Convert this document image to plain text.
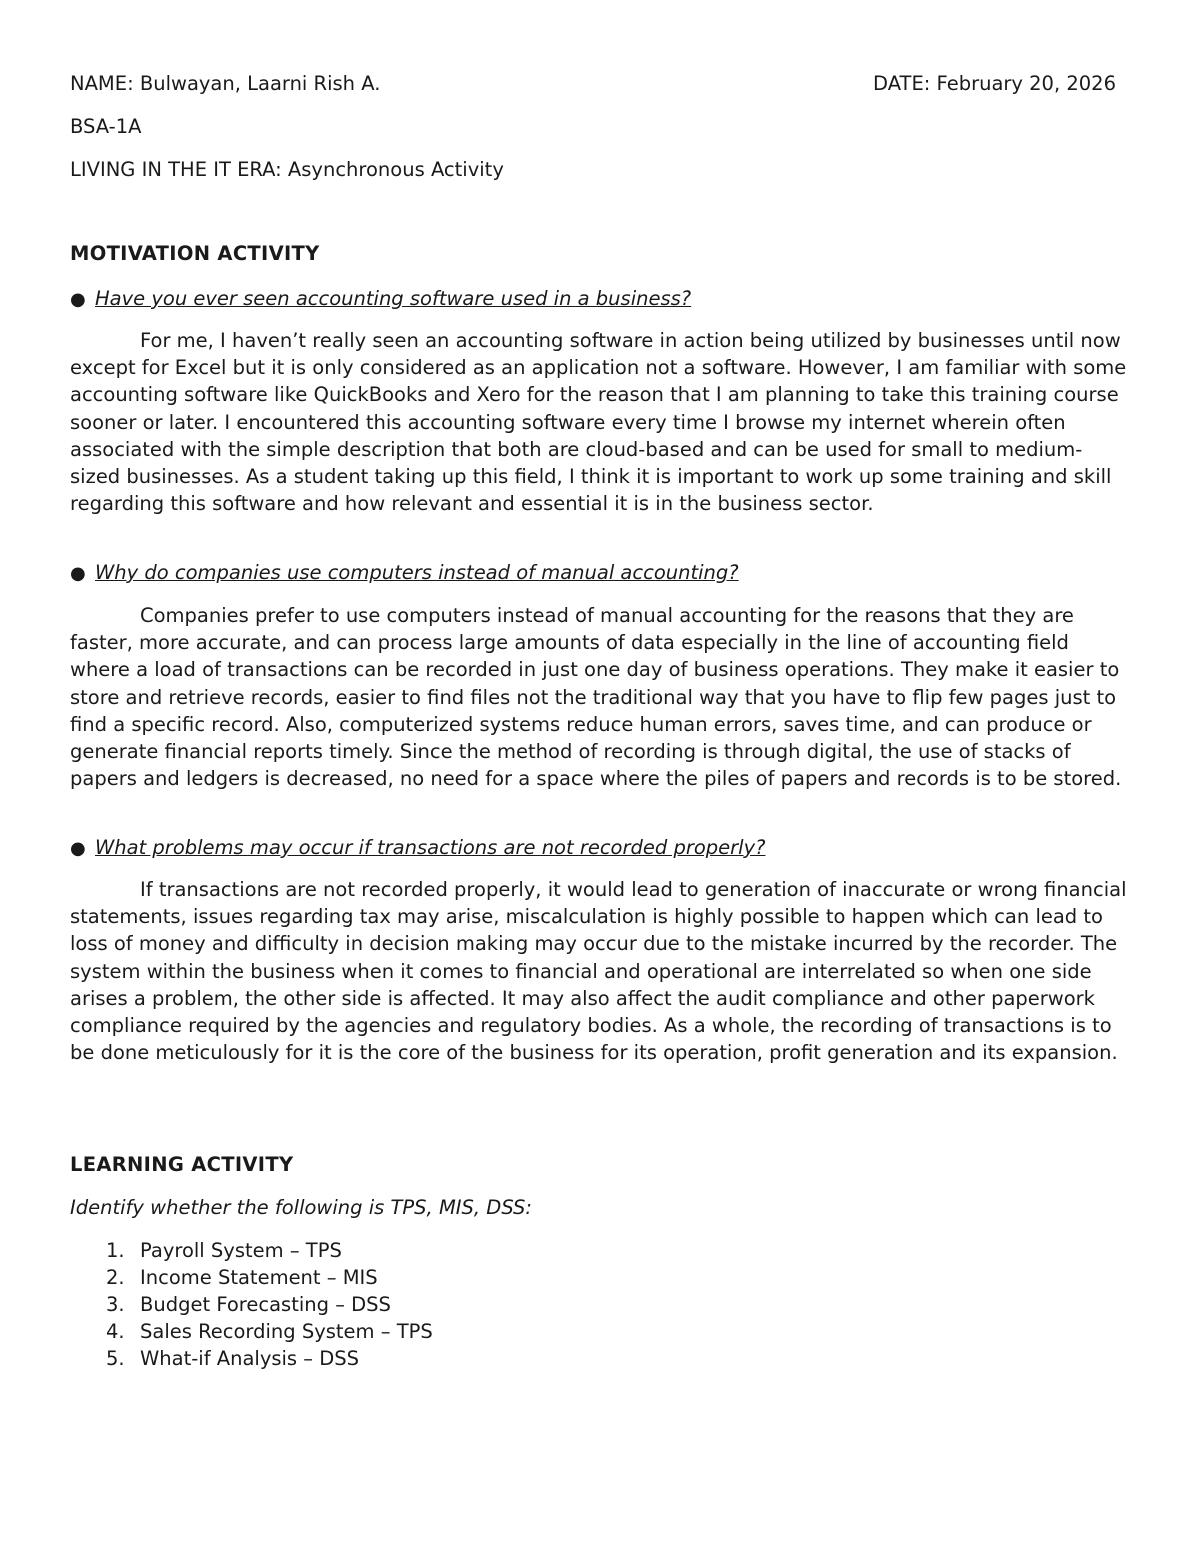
NAME: Bulwayan, Laarni Rish A.	DATE: February 20, 2026
BSA-1A
LIVING IN THE IT ERA: Asynchronous Activity
MOTIVATION ACTIVITY
● Have you ever seen accounting software used in a business?

For me, I haven’t really seen an accounting software in action being utilized by businesses until now except for Excel but it is only considered as an application not a software. However, I am familiar with some accounting software like QuickBooks and Xero for the reason that I am planning to take this training course sooner or later. I encountered this accounting software every time I browse my internet wherein often associated with the simple description that both are cloud-based and can be used for small to medium-sized businesses. As a student taking up this field, I think it is important to work up some training and skill regarding this software and how relevant and essential it is in the business sector.

● Why do companies use computers instead of manual accounting?

Companies prefer to use computers instead of manual accounting for the reasons that they are faster, more accurate, and can process large amounts of data especially in the line of accounting field where a load of transactions can be recorded in just one day of business operations. They make it easier to store and retrieve records, easier to find files not the traditional way that you have to flip few pages just to find a specific record. Also, computerized systems reduce human errors, saves time, and can produce or generate financial reports timely. Since the method of recording is through digital, the use of stacks of papers and ledgers is decreased, no need for a space where the piles of papers and records is to be stored.

● What problems may occur if transactions are not recorded properly?

If transactions are not recorded properly, it would lead to generation of inaccurate or wrong financial statements, issues regarding tax may arise, miscalculation is highly possible to happen which can lead to loss of money and difficulty in decision making may occur due to the mistake incurred by the recorder. The system within the business when it comes to financial and operational are interrelated so when one side arises a problem, the other side is affected. It may also affect the audit compliance and other paperwork compliance required by the agencies and regulatory bodies. As a whole, the recording of transactions is to be done meticulously for it is the core of the business for its operation, profit generation and its expansion.

LEARNING ACTIVITY
Identify whether the following is TPS, MIS, DSS:
1. Payroll System – TPS
2. Income Statement – MIS
3. Budget Forecasting – DSS
4. Sales Recording System – TPS
5. What-if Analysis – DSS
